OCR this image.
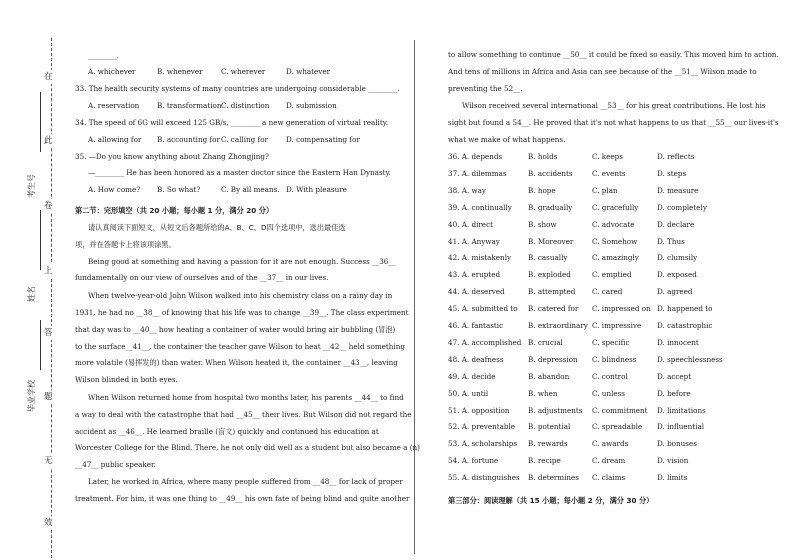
在
此
卷
上
答
题
无
效
考生号
姓名
毕业学校
________.
A. whichever	B. whenever	C. wherever	D. whatever
33. The health security systems of many countries are undergoing considerable ________.
A. reservation B. transformation C. distinction D. submission
34. The speed of 6G will exceed 125 GB/s, ________ a new generation of virtual reality.
A. allowing for B. accounting for C. calling for	D. compensating for
35. —Do you know anything about Zhang Zhongjing?
—________ He has been honored as a master doctor since the Eastern Han Dynasty.
A. How come? B. So what?	C. By all means. D. With pleasure
第二节：完形填空（共 20 小题；每小题 1 分，满分 20 分）
请认真阅读下面短文，从短文后各题所给的A、B、C、D四个选项中，选出最佳选
项，并在答题卡上将该项涂黑。
Being good at something and having a passion for it are not enough. Success __36__
fundamentally on our view of ourselves and of the __37__ in our lives.
When twelve-year-old John Wilson walked into his chemistry class on a rainy day in
1931, he had no __38__ of knowing that his life was to change __39__. The class experiment
that day was to __40__ how heating a container of water would bring air bubbling (冒泡)
to the surface__41__, the container the teacher gave Wilson to heat __42__ held something
more volatile (易挥发的) than water. When Wilson heated it, the container __43__, leaving
Wilson blinded in both eyes.
When Wilson returned home from hospital two months later, his parents __44__ to find
a way to deal with the catastrophe that had __45__ their lives. But Wilson did not regard the
accident as __46__. He learned braille (盲文) quickly and continued his education at
Worcester College for the Blind. There, he not only did well as a student but also became a (n)
__47__ public speaker.
Later, he worked in Africa, where many people suffered from __48__ for lack of proper
treatment. For him, it was one thing to __49__ his own fate of being blind and quite another
to allow something to continue __50__ it could be fixed so easily. This moved him to action.
And tens of millions in Africa and Asia can see because of the __51__ Wilson made to
preventing the 52__.
Wilson received several international __53__ for his great contributions. He lost his
sight but found a 54__. He proved that it's not what happens to us that __55__ our lives-it's
what we make of what happens.
36. A. depends	B. holds	C. keeps	D. reflects
37. A. dilemmas	B. accidents	C. events	D. steps
38. A. way	B. hope	C. plan	D. measure
39. A. continually B. gradually	C. gracefully	D. completely
40. A. direct	B. show	C. advocate	D. declare
41. A. Anyway	B. Moreover	C. Somehow	D. Thus
42. A. mistakenly B. casually	C. amazingly	D. clumsily
43. A. erupted	B. exploded	C. emptied	D. exposed
44. A. deserved	B. attempted C. cared	D. agreed
45. A. submitted to B. catered for C. impressed on D. happened to
46. A. fantastic	B. extraordinary C. impressive D. catastrophic
47. A. accomplished B. crucial	C. specific	D. innocent
48. A. deafness	B. depression C. blindness	D. speechlessness
49. A. decide	B. abandon	C. control	D. accept
50. A. until	B. when	C. unless	D. before
51. A. opposition	B. adjustments C. commitment D. limitations
52. A. preventable B. potential	C. spreadable D. influential
53. A. scholarships B. rewards	C. awards	D. bonuses
54. A. fortune	B. recipe	C. dream	D. vision
55. A. distinguishes B. determines C. claims	D. limits
第三部分：阅读理解（共 15 小题；每小题 2 分，满分 30 分）
